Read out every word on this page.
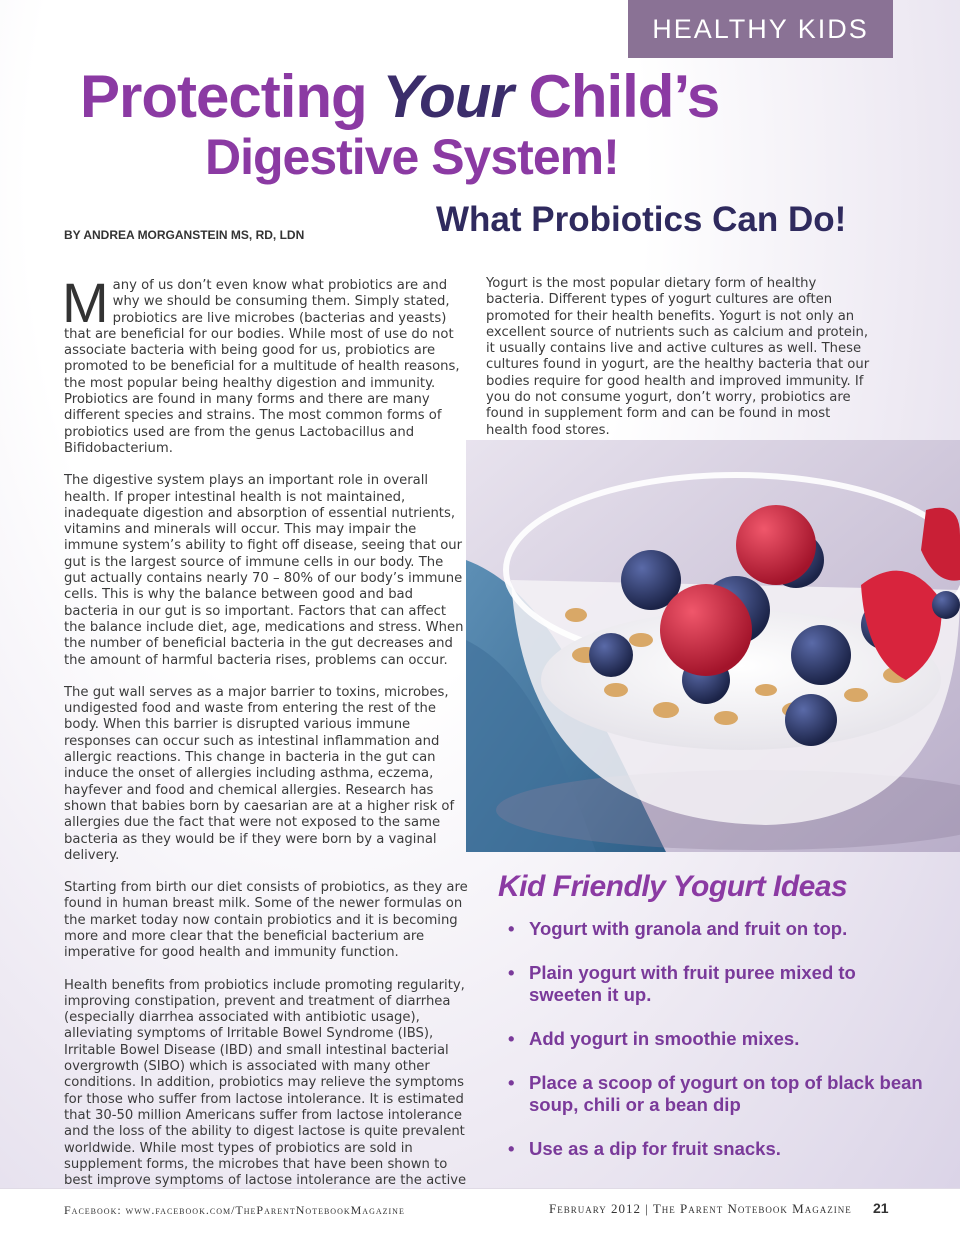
HEALTHY KIDS
Protecting Your Child’s
Digestive System!
BY ANDREA MORGANSTEIN MS, RD, LDN	What Probiotics Can Do!

Many of us don’t even know what probiotics are and why we should be consuming them. Simply stated, probiotics are live microbes (bacterias and yeasts) that are beneficial for our bodies. While most of use do not associate bacteria with being good for us, probiotics are promoted to be beneficial for a multitude of health reasons, the most popular being healthy digestion and immunity. Probiotics are found in many forms and there are many different species and strains. The most common forms of probiotics used are from the genus Lactobacillus and Bifidobacterium.

The digestive system plays an important role in overall health. If proper intestinal health is not maintained, inadequate digestion and absorption of essential nutrients, vitamins and minerals will occur. This may impair the immune system’s ability to fight off disease, seeing that our gut is the largest source of immune cells in our body. The gut actually contains nearly 70 – 80% of our body’s immune cells. This is why the balance between good and bad bacteria in our gut is so important. Factors that can affect the balance include diet, age, medications and stress. When the number of beneficial bacteria in the gut decreases and the amount of harmful bacteria rises, problems can occur.

The gut wall serves as a major barrier to toxins, microbes, undigested food and waste from entering the rest of the body. When this barrier is disrupted various immune responses can occur such as intestinal inflammation and allergic reactions. This change in bacteria in the gut can induce the onset of allergies including asthma, eczema, hayfever and food and chemical allergies. Research has shown that babies born by caesarian are at a higher risk of allergies due the fact that were not exposed to the same bacteria as they would be if they were born by a vaginal delivery.

Starting from birth our diet consists of probiotics, as they are found in human breast milk. Some of the newer formulas on the market today now contain probiotics and it is becoming more and more clear that the beneficial bacterium are imperative for good health and immunity function.

Health benefits from probiotics include promoting regularity, improving constipation, prevent and treatment of diarrhea (especially diarrhea associated with antibiotic usage), alleviating symptoms of Irritable Bowel Syndrome (IBS), Irritable Bowel Disease (IBD) and small intestinal bacterial overgrowth (SIBO) which is associated with many other conditions. In addition, probiotics may relieve the symptoms for those who suffer from lactose intolerance. It is estimated that 30-50 million Americans suffer from lactose intolerance and the loss of the ability to digest lactose is quite prevalent worldwide. While most types of probiotics are sold in supplement forms, the microbes that have been shown to best improve symptoms of lactose intolerance are the active

Yogurt is the most popular dietary form of healthy bacteria. Different types of yogurt cultures are often promoted for their health benefits. Yogurt is not only an excellent source of nutrients such as calcium and protein, it usually contains live and active cultures as well. These cultures found in yogurt, are the healthy bacteria that our bodies require for good health and improved immunity. If you do not consume yogurt, don’t worry, probiotics are found in supplement form and can be found in most health food stores.

Kid Friendly Yogurt Ideas
• Yogurt with granola and fruit on top.
• Plain yogurt with fruit puree mixed to sweeten it up.
• Add yogurt in smoothie mixes.
• Place a scoop of yogurt on top of black bean soup, chili or a bean dip
• Use as a dip for fruit snacks.
Facebook: www.facebook.com/TheParentNotebookMagazine	February 2012 | The Parent Notebook Magazine 21
